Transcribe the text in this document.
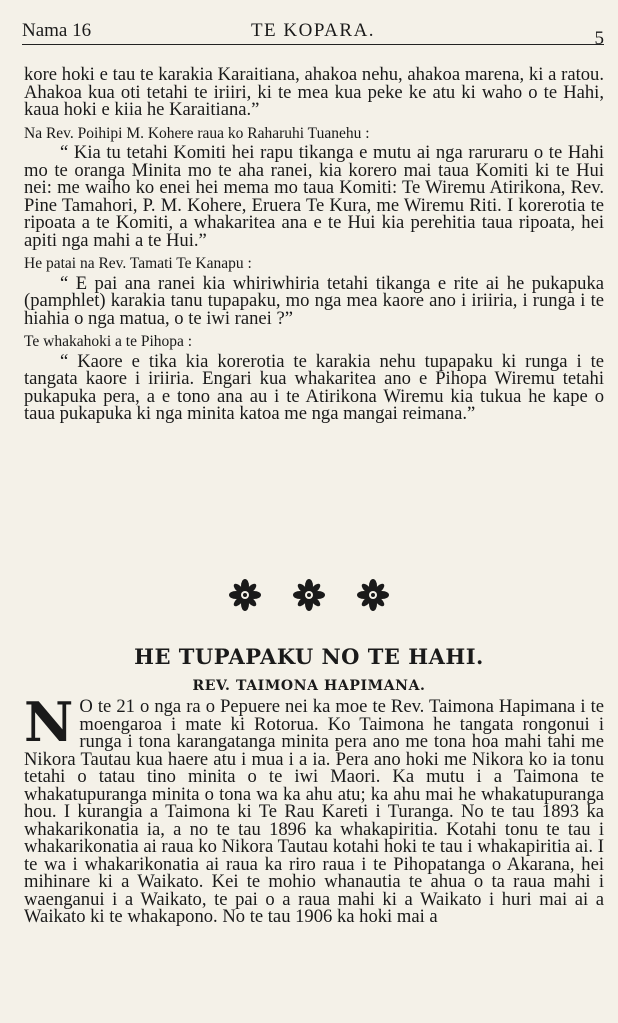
Nama 16	TE KOPARA.	5

kore hoki e tau te karakia Karaitiana, ahakoa nehu, ahakoa marena, ki a ratou. Ahakoa kua oti tetahi te iriiri, ki te mea kua peke ke atu ki waho o te Hahi, kaua hoki e kiia he Karaitiana.”

Na Rev. Poihipi M. Kohere raua ko Raharuhi Tuanehu :

“ Kia tu tetahi Komiti hei rapu tikanga e mutu ai nga raruraru o te Hahi mo te oranga Minita mo te aha ranei, kia korero mai taua Komiti ki te Hui nei: me waiho ko enei hei mema mo taua Komiti: Te Wiremu Atirikona, Rev. Pine Tamahori, P. M. Kohere, Eruera Te Kura, me Wiremu Riti. I korerotia te ripoata a te Komiti, a whakaritea ana e te Hui kia perehitia taua ripoata, hei apiti nga mahi a te Hui.”

He patai na Rev. Tamati Te Kanapu :

“ E pai ana ranei kia whiriwhiria tetahi tikanga e rite ai he pukapuka (pamphlet) karakia tanu tupapaku, mo nga mea kaore ano i iriiria, i runga i te hiahia o nga matua, o te iwi ranei ?”

Te whakahoki a te Pihopa :

“ Kaore e tika kia korerotia te karakia nehu tupapaku ki runga i te tangata kaore i iriiria. Engari kua whakaritea ano e Pihopa Wiremu tetahi pukapuka pera, a e tono ana au i te Atirikona Wiremu kia tukua he kape o taua pukapuka ki nga minita katoa me nga mangai reimana.”

HE TUPAPAKU NO TE HAHI.
REV. TAIMONA HAPIMANA.

N O te 21 o nga ra o Pepuere nei ka moe te Rev. Taimona Hapimana i te moengaroa i mate ki Rotorua. Ko Taimona he tangata rongonui i runga i tona karangatanga minita pera ano me tona hoa mahi tahi me Nikora Tautau kua haere atu i mua i a ia. Pera ano hoki me Nikora ko ia tonu tetahi o tatau tino minita o te iwi Maori. Ka mutu i a Taimona te whakatupuranga minita o tona wa ka ahu atu; ka ahu mai he whakatupuranga hou. I kurangia a Taimona ki Te Rau Kareti i Turanga. No te tau 1893 ka whakarikonatia ia, a no te tau 1896 ka whakapiritia. Kotahi tonu te tau i whakarikonatia ai raua ko Nikora Tautau kotahi hoki te tau i whakapiritia ai. I te wa i whakarikonatia ai raua ka riro raua i te Pihopatanga o Akarana, hei mihinare ki a Waikato. Kei te mohio whanautia te ahua o ta raua mahi i waenganui i a Waikato, te pai o a raua mahi ki a Waikato i huri mai ai a Waikato ki te whakapono. No te tau 1906 ka hoki mai a
